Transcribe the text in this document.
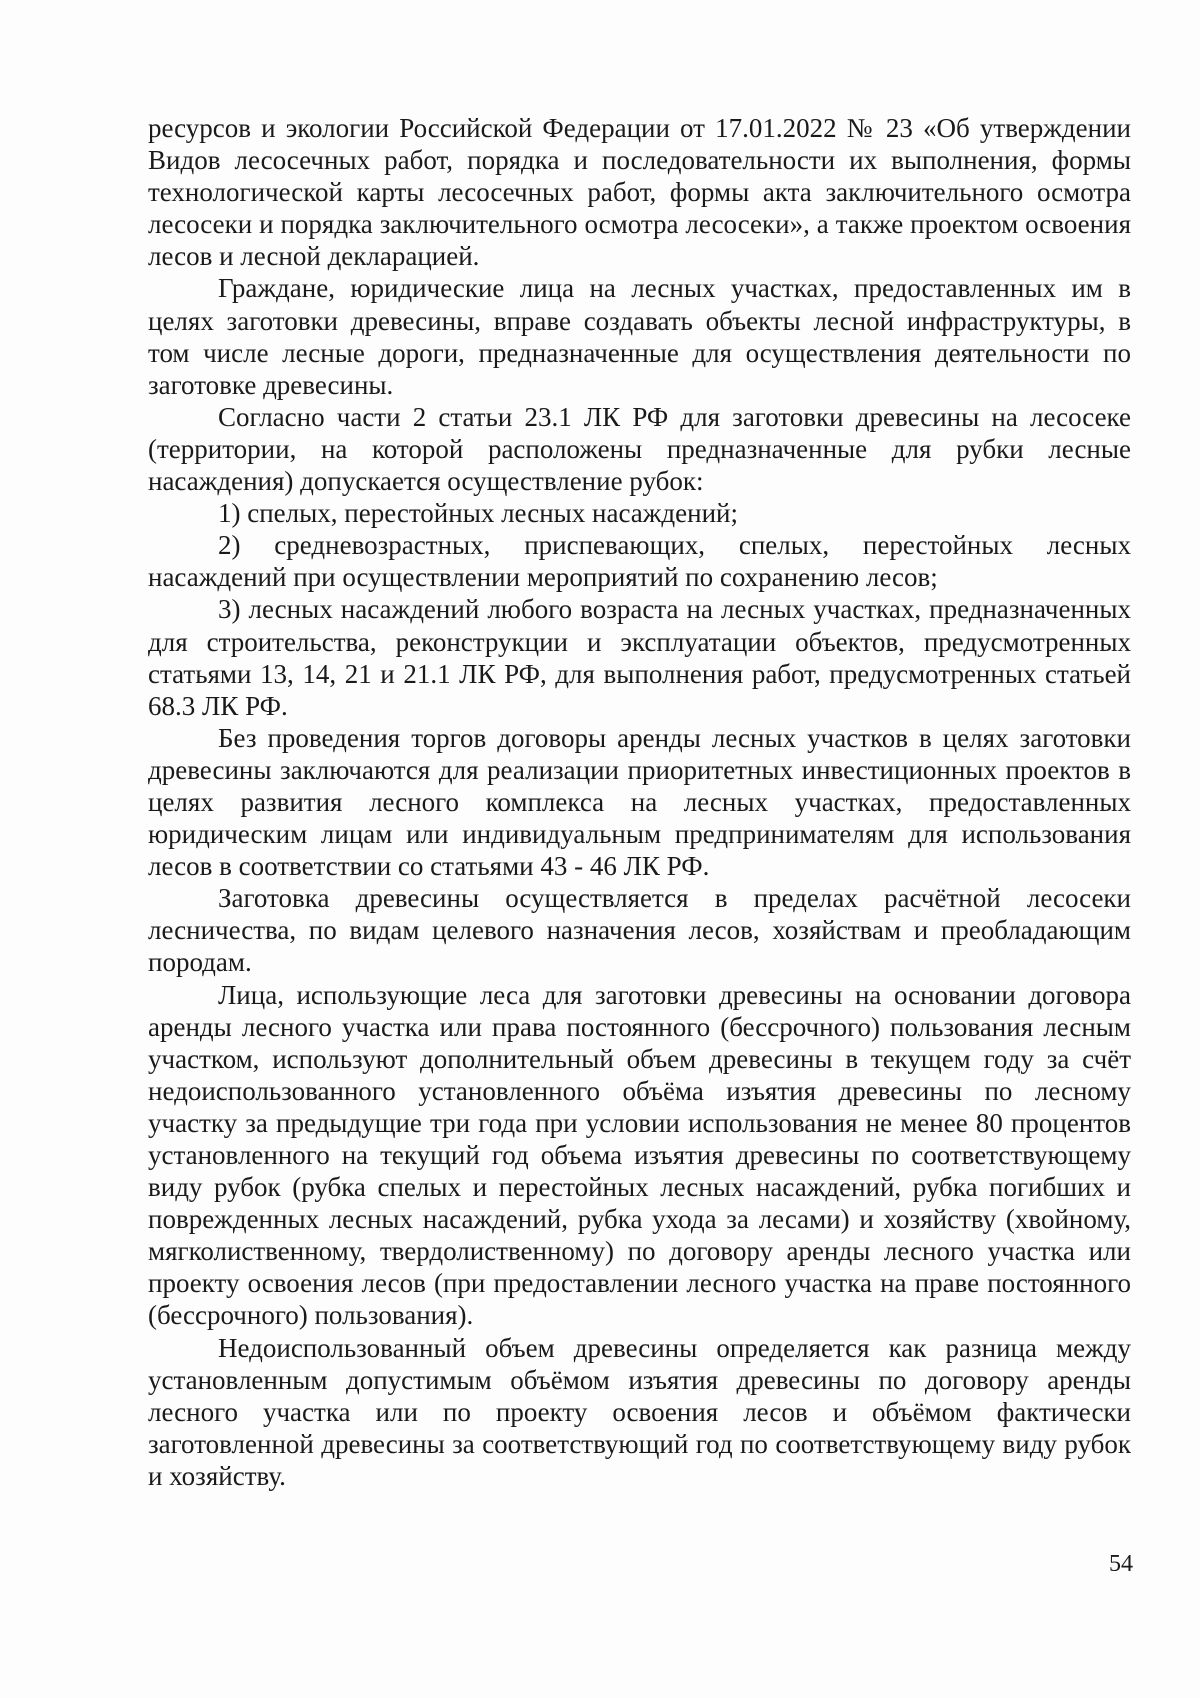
ресурсов и экологии Российской Федерации от 17.01.2022 № 23 «Об утверждении Видов лесосечных работ, порядка и последовательности их выполнения, формы технологической карты лесосечных работ, формы акта заключительного осмотра лесосеки и порядка заключительного осмотра лесосеки», а также проектом освоения лесов и лесной декларацией.

Граждане, юридические лица на лесных участках, предоставленных им в целях заготовки древесины, вправе создавать объекты лесной инфраструктуры, в том числе лесные дороги, предназначенные для осуществления деятельности по заготовке древесины.

Согласно части 2 статьи 23.1 ЛК РФ для заготовки древесины на лесосеке (территории, на которой расположены предназначенные для рубки лесные насаждения) допускается осуществление рубок:

1) спелых, перестойных лесных насаждений;

2) средневозрастных, приспевающих, спелых, перестойных лесных насаждений при осуществлении мероприятий по сохранению лесов;

3) лесных насаждений любого возраста на лесных участках, предназначенных для строительства, реконструкции и эксплуатации объектов, предусмотренных статьями 13, 14, 21 и 21.1 ЛК РФ, для выполнения работ, предусмотренных статьей 68.3 ЛК РФ.

Без проведения торгов договоры аренды лесных участков в целях заготовки древесины заключаются для реализации приоритетных инвестиционных проектов в целях развития лесного комплекса на лесных участках, предоставленных юридическим лицам или индивидуальным предпринимателям для использования лесов в соответствии со статьями 43 - 46 ЛК РФ.

Заготовка древесины осуществляется в пределах расчётной лесосеки лесничества, по видам целевого назначения лесов, хозяйствам и преобладающим породам.

Лица, использующие леса для заготовки древесины на основании договора аренды лесного участка или права постоянного (бессрочного) пользования лесным участком, используют дополнительный объем древесины в текущем году за счёт недоиспользованного установленного объёма изъятия древесины по лесному участку за предыдущие три года при условии использования не менее 80 процентов установленного на текущий год объема изъятия древесины по соответствующему виду рубок (рубка спелых и перестойных лесных насаждений, рубка погибших и поврежденных лесных насаждений, рубка ухода за лесами) и хозяйству (хвойному, мягколиственному, твердолиственному) по договору аренды лесного участка или проекту освоения лесов (при предоставлении лесного участка на праве постоянного (бессрочного) пользования).

Недоиспользованный объем древесины определяется как разница между установленным допустимым объёмом изъятия древесины по договору аренды лесного участка или по проекту освоения лесов и объёмом фактически заготовленной древесины за соответствующий год по соответствующему виду рубок и хозяйству.

54
